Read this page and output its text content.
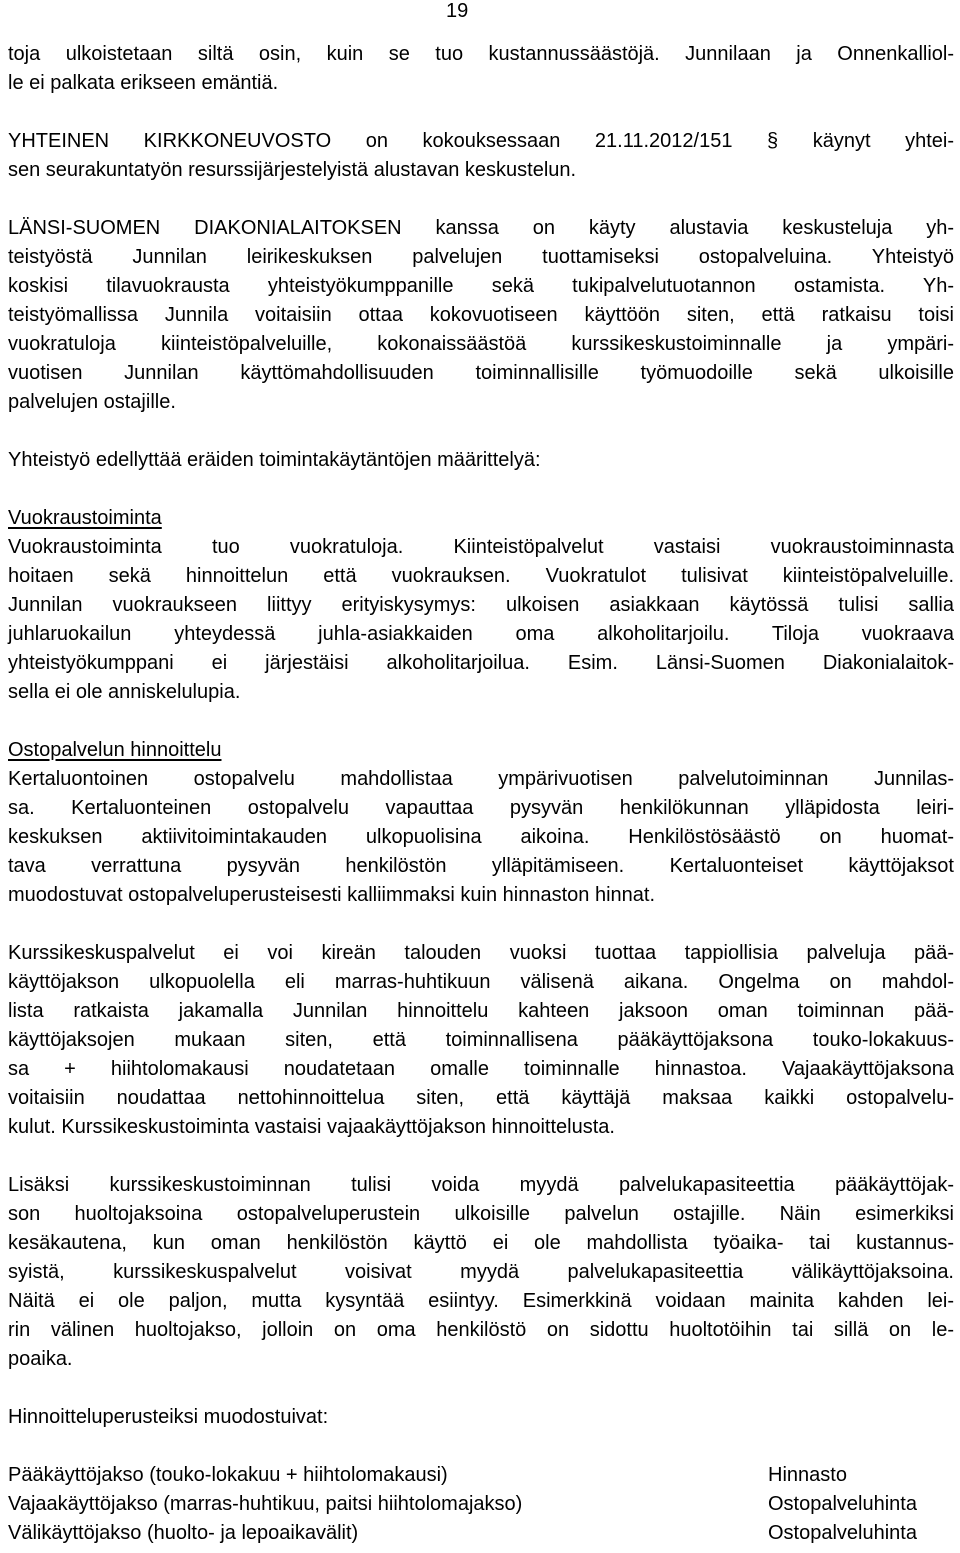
19
toja ulkoistetaan siltä osin, kuin se tuo kustannussäästöjä. Junnilaan ja Onnenkalliol-
le ei palkata erikseen emäntiä.
YHTEINEN KIRKKONEUVOSTO on kokouksessaan 21.11.2012/151 § käynyt yhtei-
sen seurakuntatyön resurssijärjestelyistä alustavan keskustelun.
LÄNSI-SUOMEN DIAKONIALAITOKSEN kanssa on käyty alustavia keskusteluja yh-
teistyöstä Junnilan leirikeskuksen palvelujen tuottamiseksi ostopalveluina. Yhteistyö
koskisi tilavuokrausta yhteistyökumppanille sekä tukipalvelutuotannon ostamista. Yh-
teistyömallissa Junnila voitaisiin ottaa kokovuotiseen käyttöön siten, että ratkaisu toisi
vuokratuloja kiinteistöpalveluille, kokonaissäästöä kurssikeskustoiminnalle ja ympäri-
vuotisen Junnilan käyttömahdollisuuden toiminnallisille työmuodoille sekä ulkoisille
palvelujen ostajille.
Yhteistyö edellyttää eräiden toimintakäytäntöjen määrittelyä:
Vuokraustoiminta
Vuokraustoiminta tuo vuokratuloja. Kiinteistöpalvelut vastaisi vuokraustoiminnasta
hoitaen sekä hinnoittelun että vuokrauksen. Vuokratulot tulisivat kiinteistöpalveluille.
Junnilan vuokraukseen liittyy erityiskysymys: ulkoisen asiakkaan käytössä tulisi sallia
juhlaruokailun yhteydessä juhla-asiakkaiden oma alkoholitarjoilu. Tiloja vuokraava
yhteistyökumppani ei järjestäisi alkoholitarjoilua. Esim. Länsi-Suomen Diakonialaitok-
sella ei ole anniskelulupia.
Ostopalvelun hinnoittelu
Kertaluontoinen ostopalvelu mahdollistaa ympärivuotisen palvelutoiminnan Junnilas-
sa. Kertaluonteinen ostopalvelu vapauttaa pysyvän henkilökunnan ylläpidosta leiri-
keskuksen aktiivitoimintakauden ulkopuolisina aikoina. Henkilöstösäästö on huomat-
tava verrattuna pysyvän henkilöstön ylläpitämiseen. Kertaluonteiset käyttöjaksot
muodostuvat ostopalveluperusteisesti kalliimmaksi kuin hinnaston hinnat.
Kurssikeskuspalvelut ei voi kireän talouden vuoksi tuottaa tappiollisia palveluja pää-
käyttöjakson ulkopuolella eli marras-huhtikuun välisenä aikana. Ongelma on mahdol-
lista ratkaista jakamalla Junnilan hinnoittelu kahteen jaksoon oman toiminnan pää-
käyttöjaksojen mukaan siten, että toiminnallisena pääkäyttöjaksona touko-lokakuus-
sa + hiihtolomakausi noudatetaan omalle toiminnalle hinnastoa. Vajaakäyttöjaksona
voitaisiin noudattaa nettohinnoittelua siten, että käyttäjä maksaa kaikki ostopalvelu-
kulut. Kurssikeskustoiminta vastaisi vajaakäyttöjakson hinnoittelusta.
Lisäksi kurssikeskustoiminnan tulisi voida myydä palvelukapasiteettia pääkäyttöjak-
son huoltojaksoina ostopalveluperustein ulkoisille palvelun ostajille. Näin esimerkiksi
kesäkautena, kun oman henkilöstön käyttö ei ole mahdollista työaika- tai kustannus-
syistä, kurssikeskuspalvelut voisivat myydä palvelukapasiteettia välikäyttöjaksoina.
Näitä ei ole paljon, mutta kysyntää esiintyy. Esimerkkinä voidaan mainita kahden lei-
rin välinen huoltojakso, jolloin on oma henkilöstö on sidottu huoltotöihin tai sillä on le-
poaika.
Hinnoitteluperusteiksi muodostuivat:
Pääkäyttöjakso (touko-lokakuu + hiihtolomakausi)	Hinnasto
Vajaakäyttöjakso (marras-huhtikuu, paitsi hiihtolomajakso)	Ostopalveluhinta
Välikäyttöjakso (huolto- ja lepoaikavälit)	Ostopalveluhinta
